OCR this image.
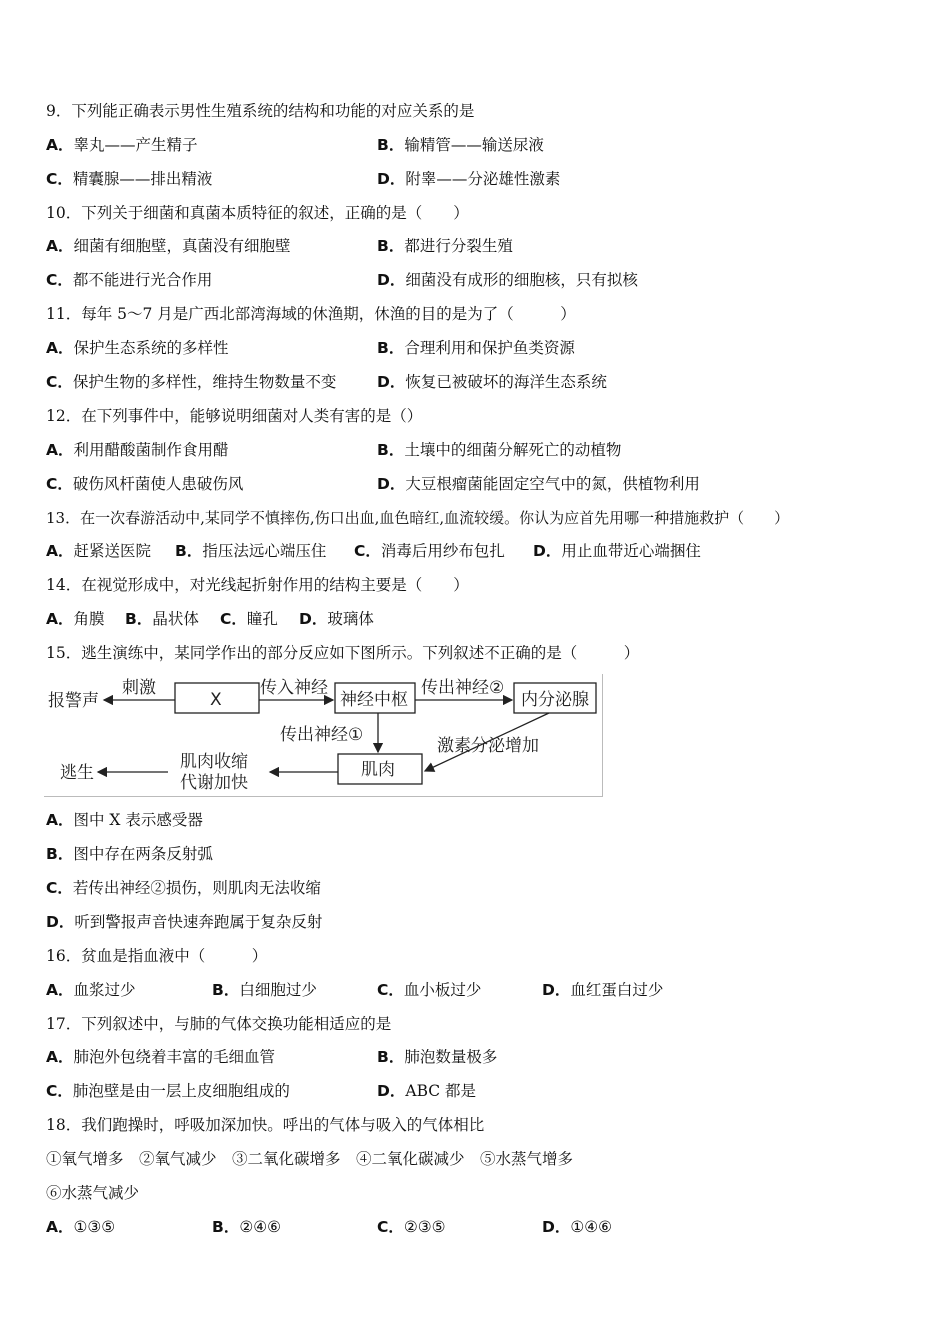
9．下列能正确表示男性生殖系统的结构和功能的对应关系的是
A．睾丸——产生精子	B．输精管——输送尿液
C．精囊腺——排出精液	D．附睾——分泌雄性激素
10．下列关于细菌和真菌本质特征的叙述，正确的是（　　）
A．细菌有细胞壁，真菌没有细胞壁	B．都进行分裂生殖
C．都不能进行光合作用	D．细菌没有成形的细胞核，只有拟核
11．每年 5～7 月是广西北部湾海域的休渔期，休渔的目的是为了（　　　）
A．保护生态系统的多样性	B．合理利用和保护鱼类资源
C．保护生物的多样性，维持生物数量不变	D．恢复已被破坏的海洋生态系统
12．在下列事件中，能够说明细菌对人类有害的是（）
A．利用醋酸菌制作食用醋	B．土壤中的细菌分解死亡的动植物
C．破伤风杆菌使人患破伤风	D．大豆根瘤菌能固定空气中的氮，供植物利用
13．在一次春游活动中,某同学不慎摔伤,伤口出血,血色暗红,血流较缓。你认为应首先用哪一种措施救护（　　）
A．赶紧送医院 B．指压法远心端压住 C．消毒后用纱布包扎 D．用止血带近心端捆住
14．在视觉形成中，对光线起折射作用的结构主要是（　　）
A．角膜 B．晶状体 C．瞳孔 D．玻璃体
15．逃生演练中，某同学作出的部分反应如下图所示。下列叙述不正确的是（　　　）
报警声
刺激
X
传入神经
神经中枢
传出神经②
内分泌腺
传出神经①
激素分泌增加
肌肉
肌肉收缩
代谢加快
逃生
A．图中 X 表示感受器
B．图中存在两条反射弧
C．若传出神经②损伤，则肌肉无法收缩
D．听到警报声音快速奔跑属于复杂反射
16．贫血是指血液中（　　　）
A．血浆过少	B．白细胞过少	C．血小板过少	D．血红蛋白过少
17．下列叙述中，与肺的气体交换功能相适应的是
A．肺泡外包绕着丰富的毛细血管	B．肺泡数量极多
C．肺泡壁是由一层上皮细胞组成的	D．ABC 都是
18．我们跑操时，呼吸加深加快。呼出的气体与吸入的气体相比
①氧气增多　②氧气减少　③二氧化碳增多　④二氧化碳减少　⑤水蒸气增多
⑥水蒸气减少
A．①③⑤	B．②④⑥	C．②③⑤	D．①④⑥
